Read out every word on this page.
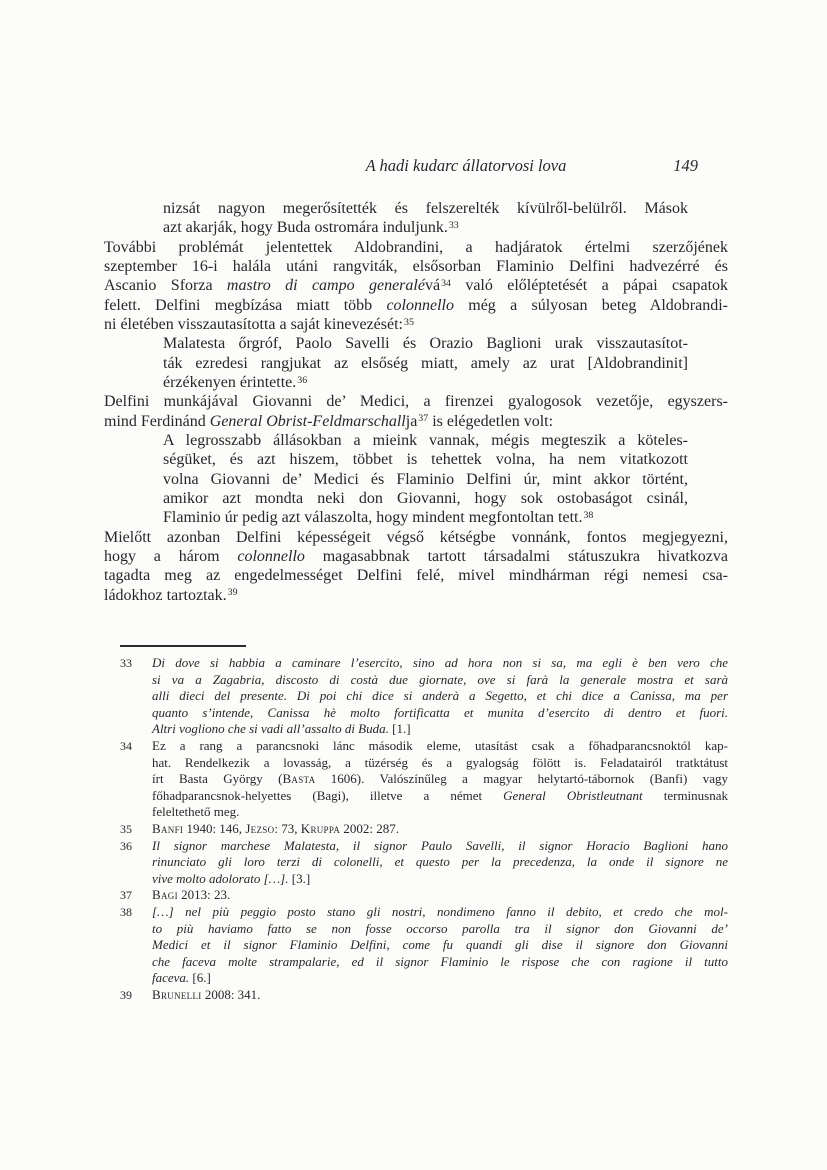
A hadi kudarc állatorvosi lova	149
nizsát nagyon megerősítették és felszerelték kívülről-belülről. Mások
azt akarják, hogy Buda ostromára induljunk.$^{33}$
További problémát jelentettek Aldobrandini, a hadjáratok értelmi szerzőjének
szeptember 16-i halála utáni rangviták, elsősorban Flaminio Delfini hadvezérré és
Ascanio Sforza mastro di campo generalévá$^{34}$ való előléptetését a pápai csapatok
felett. Delfini megbízása miatt több colonnello még a súlyosan beteg Aldobrandi-
ni életében visszautasította a saját kinevezését:$^{35}$
Malatesta őrgróf, Paolo Savelli és Orazio Baglioni urak visszautasítot-
ták ezredesi rangjukat az elsőség miatt, amely az urat [Aldobrandinit]
érzékenyen érintette.$^{36}$
Delfini munkájával Giovanni de’ Medici, a firenzei gyalogosok vezetője, egyszers-
mind Ferdinánd General Obrist-Feldmarschallja$^{37}$ is elégedetlen volt:
A legrosszabb állásokban a mieink vannak, mégis megteszik a köteles-
ségüket, és azt hiszem, többet is tehettek volna, ha nem vitatkozott
volna Giovanni de’ Medici és Flaminio Delfini úr, mint akkor történt,
amikor azt mondta neki don Giovanni, hogy sok ostobaságot csinál,
Flaminio úr pedig azt válaszolta, hogy mindent megfontoltan tett.$^{38}$
Mielőtt azonban Delfini képességeit végső kétségbe vonnánk, fontos megjegyezni,
hogy a három colonnello magasabbnak tartott társadalmi státuszukra hivatkozva
tagadta meg az engedelmességet Delfini felé, mivel mindhárman régi nemesi csa-
ládokhoz tartoztak.$^{39}$
33	Di dove si habbia a caminare l’esercito, sino ad hora non si sa, ma egli è ben vero che
si va a Zagabria, discosto di costà due giornate, ove si farà la generale mostra et sarà
alli dieci del presente. Di poi chi dice si anderà a Segetto, et chi dice a Canissa, ma per
quanto s’intende, Canissa hè molto fortificatta et munita d’esercito di dentro et fuori.
Altri vogliono che si vadi all’assalto di Buda. [1.]
34	Ez a rang a parancsnoki lánc második eleme, utasítást csak a főhadparancsnoktól kap-
hat. Rendelkezik a lovasság, a tüzérség és a gyalogság fölött is. Feladatairól tratktátust
írt Basta György (Basta 1606). Valószínűleg a magyar helytartó-tábornok (Banfi) vagy
főhadparancsnok-helyettes (Bagi), illetve a német General Obristleutnant terminusnak
feleltethető meg.
35	Banfi 1940: 146, Jezso: 73, Kruppa 2002: 287.
36	Il signor marchese Malatesta, il signor Paulo Savelli, il signor Horacio Baglioni hano
rinunciato gli loro terzi di colonelli, et questo per la precedenza, la onde il signore ne
vive molto adolorato […]. [3.]
37	Bagi 2013: 23.
38	[…] nel più peggio posto stano gli nostri, nondimeno fanno il debito, et credo che mol-
to più haviamo fatto se non fosse occorso parolla tra il signor don Giovanni de’
Medici et il signor Flaminio Delfini, come fu quandi gli dise il signore don Giovanni
che faceva molte strampalarie, ed il signor Flaminio le rispose che con ragione il tutto
faceva. [6.]
39	Brunelli 2008: 341.
